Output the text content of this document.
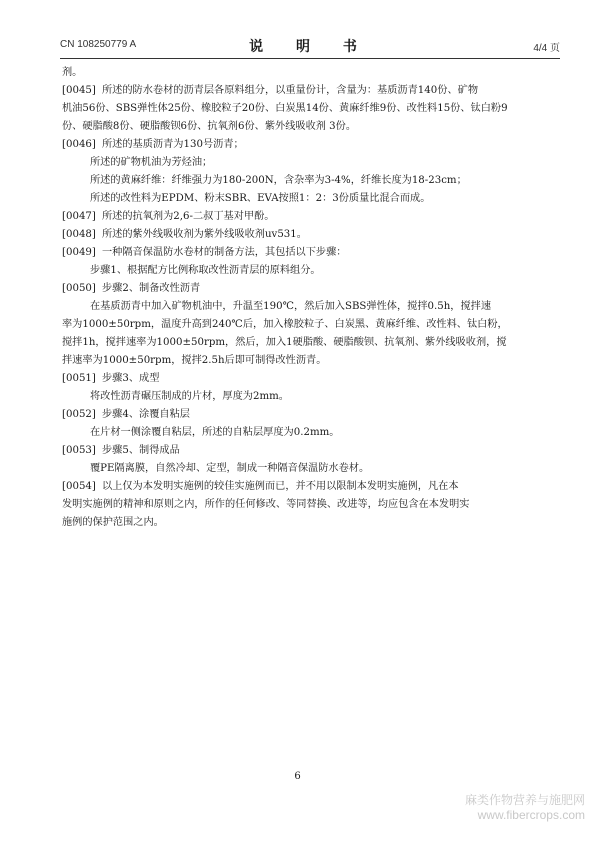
CN 108250779 A	说 明 书	4/4 页
剂。
[0045] 所述的防水卷材的沥青层各原料组分，以重量份计，含量为：基质沥青140份、矿物
机油56份、SBS弹性体25份、橡胶粒子20份、白炭黑14份、黄麻纤维9份、改性料15份、钛白粉9
份、硬脂酸8份、硬脂酸钡6份、抗氧剂6份、紫外线吸收剂 3份。
[0046] 所述的基质沥青为130号沥青；
所述的矿物机油为芳烃油；
所述的黄麻纤维：纤维强力为180-200N，含杂率为3-4%，纤维长度为18-23cm；
所述的改性料为EPDM、粉末SBR、EVA按照1：2：3份质量比混合而成。
[0047] 所述的抗氧剂为2,6-二叔丁基对甲酚。
[0048] 所述的紫外线吸收剂为紫外线吸收剂uv531。
[0049] 一种隔音保温防水卷材的制备方法，其包括以下步骤：
步骤1、根据配方比例称取改性沥青层的原料组分。
[0050] 步骤2、制备改性沥青
在基质沥青中加入矿物机油中，升温至190℃，然后加入SBS弹性体，搅拌0.5h，搅拌速
率为1000±50rpm，温度升高到240℃后，加入橡胶粒子、白炭黑、黄麻纤维、改性料、钛白粉，
搅拌1h，搅拌速率为1000±50rpm，然后，加入1硬脂酸、硬脂酸钡、抗氧剂、紫外线吸收剂，搅
拌速率为1000±50rpm，搅拌2.5h后即可制得改性沥青。
[0051] 步骤3、成型
将改性沥青碾压制成的片材，厚度为2mm。
[0052] 步骤4、涂覆自粘层
在片材一侧涂覆自粘层，所述的自粘层厚度为0.2mm。
[0053] 步骤5、制得成品
覆PE隔离膜，自然冷却、定型，制成一种隔音保温防水卷材。
[0054] 以上仅为本发明实施例的较佳实施例而已，并不用以限制本发明实施例，凡在本
发明实施例的精神和原则之内，所作的任何修改、等同替换、改进等，均应包含在本发明实
施例的保护范围之内。
6
麻类作物营养与施肥网
www.fibercrops.com
